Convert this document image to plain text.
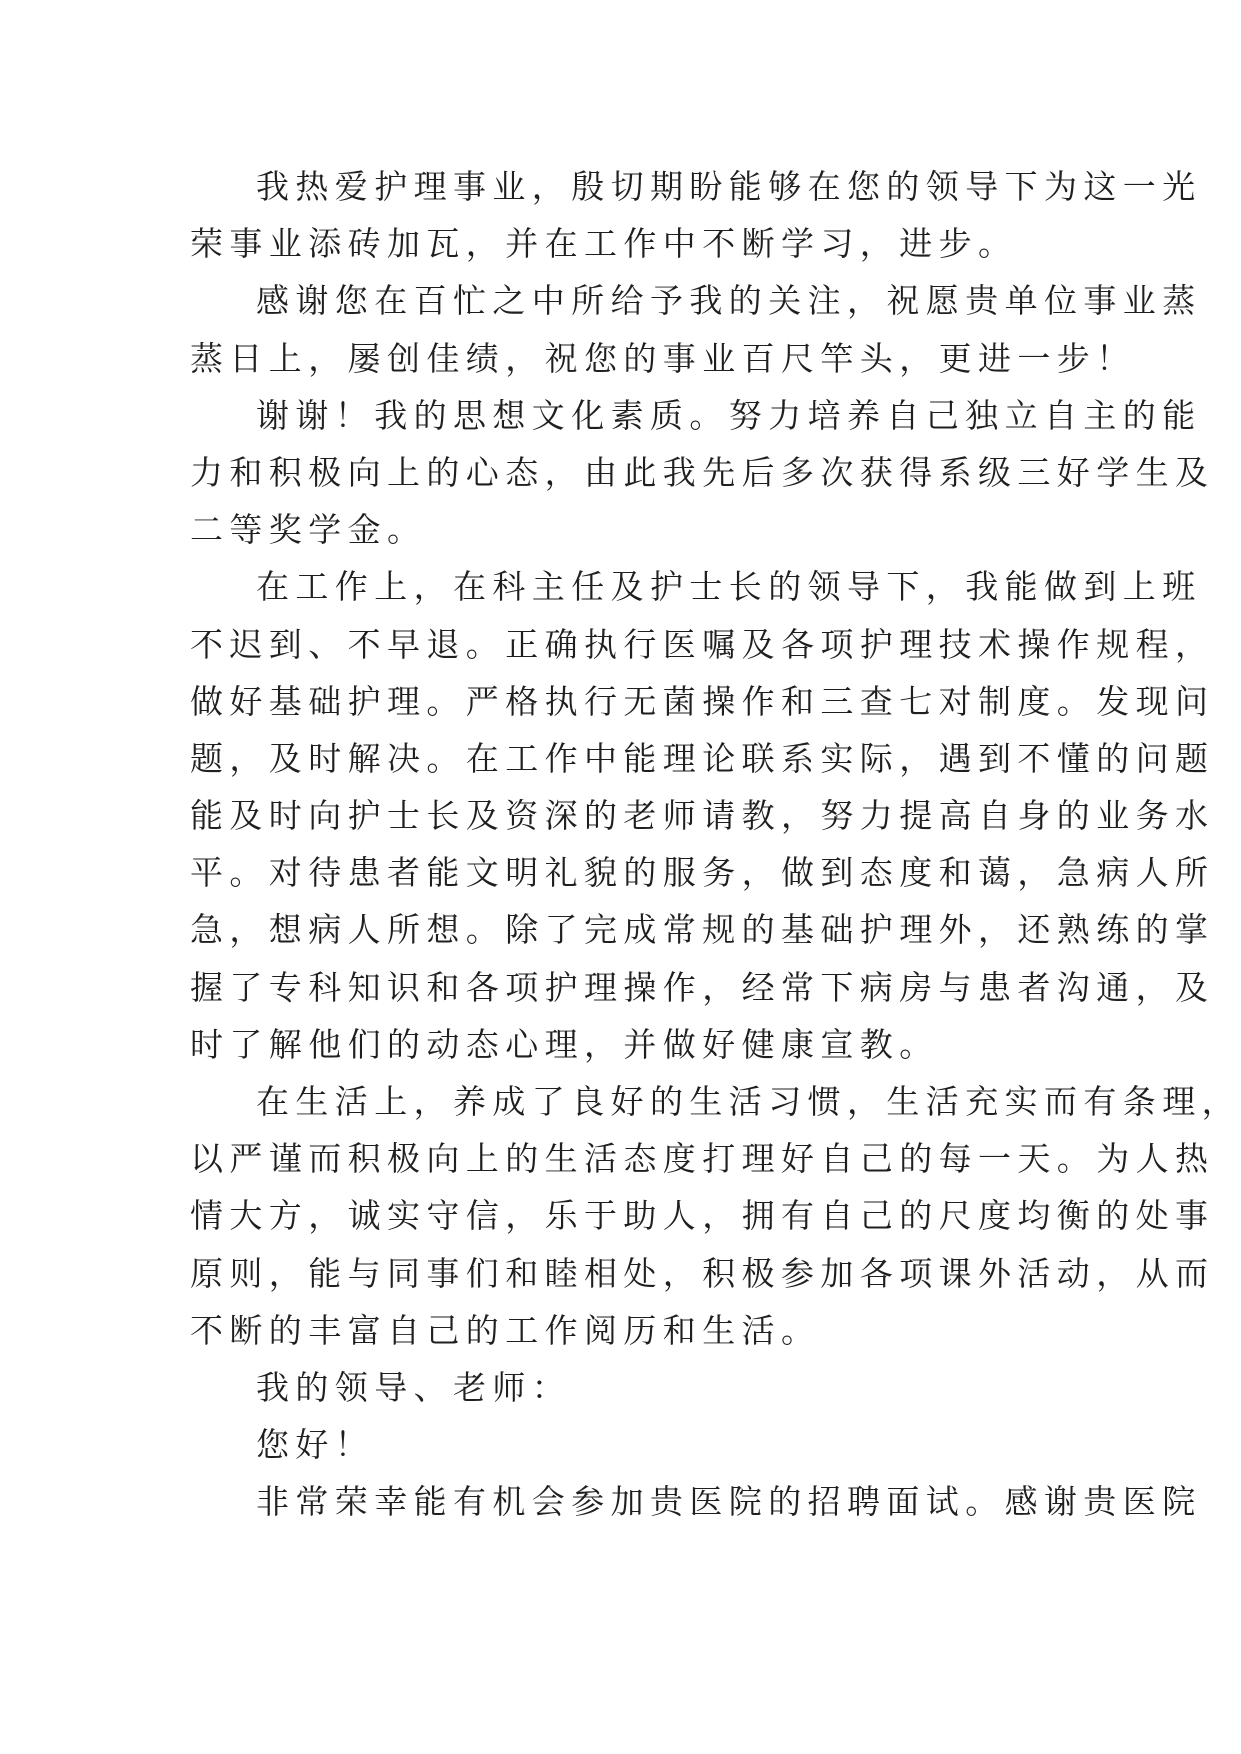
我热爱护理事业，殷切期盼能够在您的领导下为这一光
荣事业添砖加瓦，并在工作中不断学习，进步。
感谢您在百忙之中所给予我的关注，祝愿贵单位事业蒸
蒸日上，屡创佳绩，祝您的事业百尺竿头，更进一步！
谢谢！我的思想文化素质。努力培养自己独立自主的能
力和积极向上的心态，由此我先后多次获得系级三好学生及
二等奖学金。
在工作上，在科主任及护士长的领导下，我能做到上班
不迟到、不早退。正确执行医嘱及各项护理技术操作规程，
做好基础护理。严格执行无菌操作和三查七对制度。发现问
题，及时解决。在工作中能理论联系实际，遇到不懂的问题
能及时向护士长及资深的老师请教，努力提高自身的业务水
平。对待患者能文明礼貌的服务，做到态度和蔼，急病人所
急，想病人所想。除了完成常规的基础护理外，还熟练的掌
握了专科知识和各项护理操作，经常下病房与患者沟通，及
时了解他们的动态心理，并做好健康宣教。
在生活上，养成了良好的生活习惯，生活充实而有条理，
以严谨而积极向上的生活态度打理好自己的每一天。为人热
情大方，诚实守信，乐于助人，拥有自己的尺度均衡的处事
原则，能与同事们和睦相处，积极参加各项课外活动，从而
不断的丰富自己的工作阅历和生活。
我的领导、老师：
您好！
非常荣幸能有机会参加贵医院的招聘面试。感谢贵医院
